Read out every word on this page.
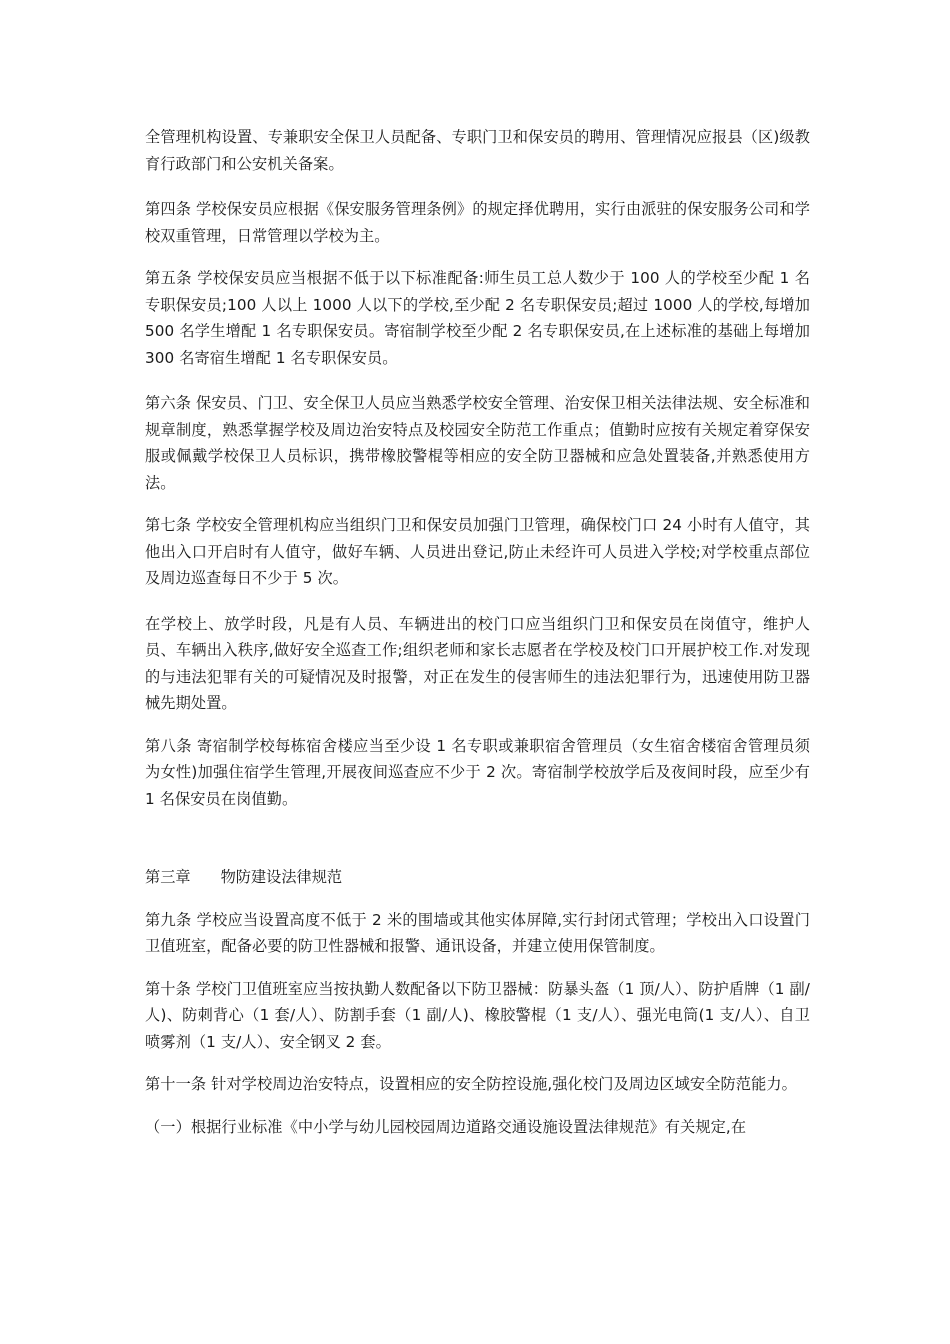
全管理机构设置、专兼职安全保卫人员配备、专职门卫和保安员的聘用、管理情况应报县（区)级教育行政部门和公安机关备案。

第四条 学校保安员应根据《保安服务管理条例》的规定择优聘用，实行由派驻的保安服务公司和学校双重管理，日常管理以学校为主。

第五条 学校保安员应当根据不低于以下标准配备:师生员工总人数少于 100 人的学校至少配 1 名专职保安员;100 人以上 1000 人以下的学校,至少配 2 名专职保安员;超过 1000 人的学校,每增加 500 名学生增配 1 名专职保安员。寄宿制学校至少配 2 名专职保安员,在上述标准的基础上每增加 300 名寄宿生增配 1 名专职保安员。

第六条 保安员、门卫、安全保卫人员应当熟悉学校安全管理、治安保卫相关法律法规、安全标准和规章制度，熟悉掌握学校及周边治安特点及校园安全防范工作重点；值勤时应按有关规定着穿保安服或佩戴学校保卫人员标识，携带橡胶警棍等相应的安全防卫器械和应急处置装备,并熟悉使用方法。

第七条 学校安全管理机构应当组织门卫和保安员加强门卫管理，确保校门口 24 小时有人值守，其他出入口开启时有人值守，做好车辆、人员进出登记,防止未经许可人员进入学校;对学校重点部位及周边巡查每日不少于 5 次。

在学校上、放学时段，凡是有人员、车辆进出的校门口应当组织门卫和保安员在岗值守，维护人员、车辆出入秩序,做好安全巡查工作;组织老师和家长志愿者在学校及校门口开展护校工作.对发现的与违法犯罪有关的可疑情况及时报警，对正在发生的侵害师生的违法犯罪行为，迅速使用防卫器械先期处置。

第八条 寄宿制学校每栋宿舍楼应当至少设 1 名专职或兼职宿舍管理员（女生宿舍楼宿舍管理员须为女性)加强住宿学生管理,开展夜间巡查应不少于 2 次。寄宿制学校放学后及夜间时段，应至少有 1 名保安员在岗值勤。

第三章 物防建设法律规范

第九条 学校应当设置高度不低于 2 米的围墙或其他实体屏障,实行封闭式管理；学校出入口设置门卫值班室，配备必要的防卫性器械和报警、通讯设备，并建立使用保管制度。

第十条 学校门卫值班室应当按执勤人数配备以下防卫器械：防暴头盔（1 顶/人）、防护盾牌（1 副/人)、防刺背心（1 套/人）、防割手套（1 副/人)、橡胶警棍（1 支/人）、强光电筒(1 支/人）、自卫喷雾剂（1 支/人）、安全钢叉 2 套。

第十一条 针对学校周边治安特点，设置相应的安全防控设施,强化校门及周边区域安全防范能力。

（一）根据行业标准《中小学与幼儿园校园周边道路交通设施设置法律规范》有关规定,在
